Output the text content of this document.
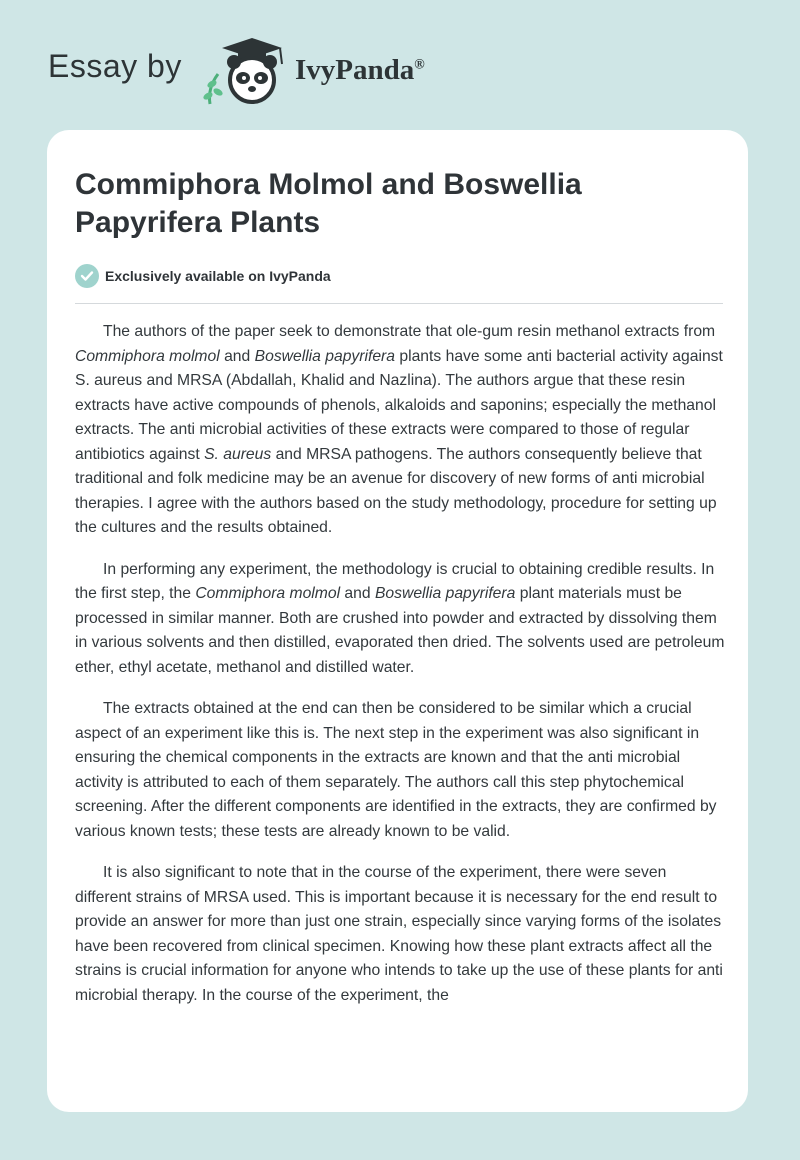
Essay by	IvyPanda®
Commiphora Molmol and Boswellia Papyrifera Plants
Exclusively available on IvyPanda

The authors of the paper seek to demonstrate that ole-gum resin methanol extracts from Commiphora molmol and Boswellia papyrifera plants have some anti bacterial activity against S. aureus and MRSA (Abdallah, Khalid and Nazlina). The authors argue that these resin extracts have active compounds of phenols, alkaloids and saponins; especially the methanol extracts. The anti microbial activities of these extracts were compared to those of regular antibiotics against S. aureus and MRSA pathogens. The authors consequently believe that traditional and folk medicine may be an avenue for discovery of new forms of anti microbial therapies. I agree with the authors based on the study methodology, procedure for setting up the cultures and the results obtained.

In performing any experiment, the methodology is crucial to obtaining credible results. In the first step, the Commiphora molmol and Boswellia papyrifera plant materials must be processed in similar manner. Both are crushed into powder and extracted by dissolving them in various solvents and then distilled, evaporated then dried. The solvents used are petroleum ether, ethyl acetate, methanol and distilled water.

The extracts obtained at the end can then be considered to be similar which a crucial aspect of an experiment like this is. The next step in the experiment was also significant in ensuring the chemical components in the extracts are known and that the anti microbial activity is attributed to each of them separately. The authors call this step phytochemical screening. After the different components are identified in the extracts, they are confirmed by various known tests; these tests are already known to be valid.

It is also significant to note that in the course of the experiment, there were seven different strains of MRSA used. This is important because it is necessary for the end result to provide an answer for more than just one strain, especially since varying forms of the isolates have been recovered from clinical specimen. Knowing how these plant extracts affect all the strains is crucial information for anyone who intends to take up the use of these plants for anti microbial therapy. In the course of the experiment, the
